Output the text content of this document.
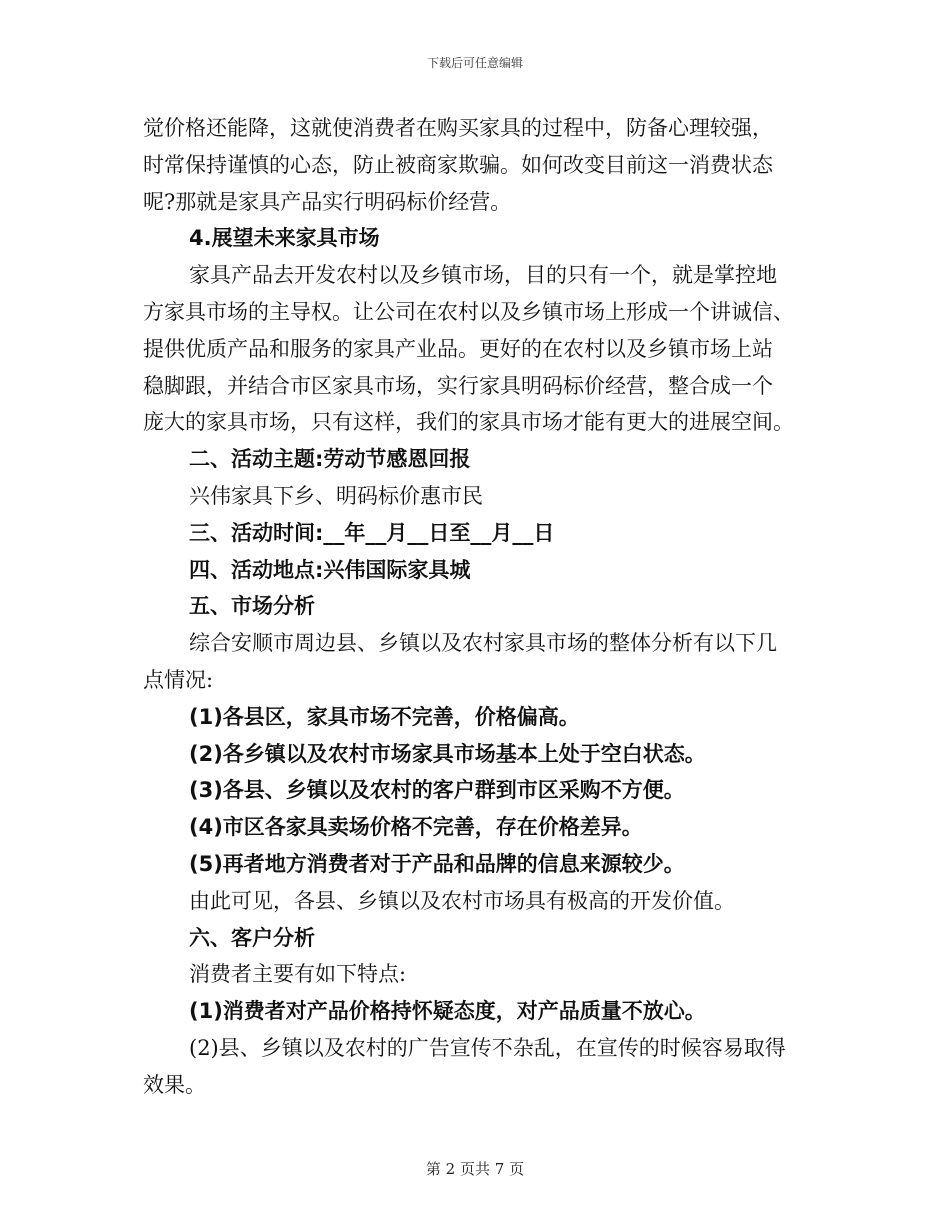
下载后可任意编辑
觉价格还能降，这就使消费者在购买家具的过程中，防备心理较强，
时常保持谨慎的心态，防止被商家欺骗。如何改变目前这一消费状态
呢?那就是家具产品实行明码标价经营。
4.展望未来家具市场
家具产品去开发农村以及乡镇市场，目的只有一个，就是掌控地
方家具市场的主导权。让公司在农村以及乡镇市场上形成一个讲诚信、
提供优质产品和服务的家具产业品。更好的在农村以及乡镇市场上站
稳脚跟，并结合市区家具市场，实行家具明码标价经营，整合成一个
庞大的家具市场，只有这样，我们的家具市场才能有更大的进展空间。
二、活动主题:劳动节感恩回报
兴伟家具下乡、明码标价惠市民
三、活动时间:__年__月__日至__月__日
四、活动地点:兴伟国际家具城
五、市场分析
综合安顺市周边县、乡镇以及农村家具市场的整体分析有以下几
点情况:
(1)各县区，家具市场不完善，价格偏高。
(2)各乡镇以及农村市场家具市场基本上处于空白状态。
(3)各县、乡镇以及农村的客户群到市区采购不方便。
(4)市区各家具卖场价格不完善，存在价格差异。
(5)再者地方消费者对于产品和品牌的信息来源较少。
由此可见，各县、乡镇以及农村市场具有极高的开发价值。
六、客户分析
消费者主要有如下特点:
(1)消费者对产品价格持怀疑态度，对产品质量不放心。
(2)县、乡镇以及农村的广告宣传不杂乱，在宣传的时候容易取得
效果。
第 2 页共 7 页
